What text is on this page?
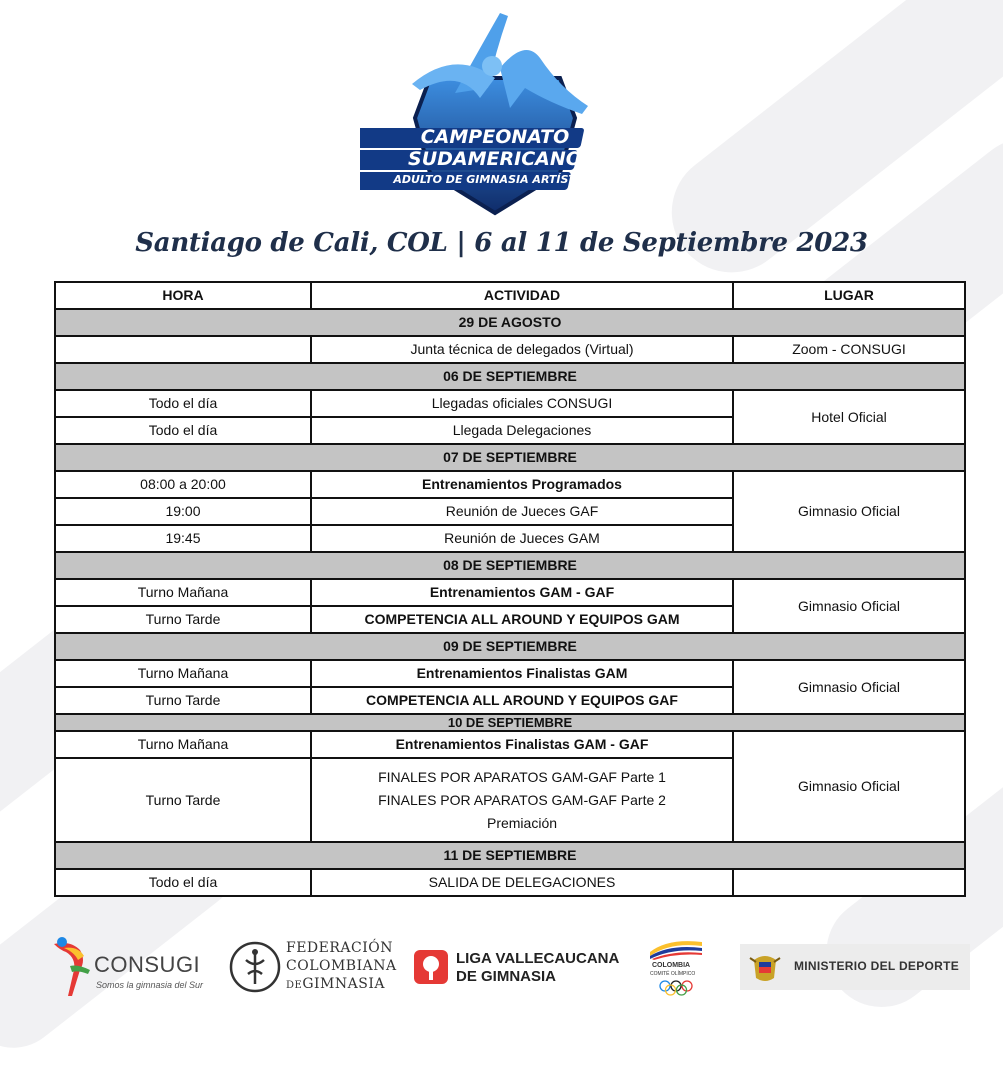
CAMPEONATO
SUDAMERICANO
ADULTO DE GIMNASIA ARTÍSTICA
Santiago de Cali, COL | 6 al 11 de Septiembre 2023
HORA	ACTIVIDAD	LUGAR
29 DE AGOSTO		
	Junta técnica de delegados (Virtual)	Zoom - CONSUGI
06 DE SEPTIEMBRE		
Todo el día	Llegadas oficiales CONSUGI	Hotel Oficial
Todo el día	Llegada Delegaciones	
07 DE SEPTIEMBRE		
08:00 a 20:00	Entrenamientos Programados	Gimnasio Oficial
19:00	Reunión de Jueces GAF	
19:45	Reunión de Jueces GAM	
08 DE SEPTIEMBRE		
Turno Mañana	Entrenamientos GAM - GAF	Gimnasio Oficial
Turno Tarde	COMPETENCIA ALL AROUND Y EQUIPOS GAM	
09 DE SEPTIEMBRE		
Turno Mañana	Entrenamientos Finalistas GAM	Gimnasio Oficial
Turno Tarde	COMPETENCIA ALL AROUND Y EQUIPOS GAF	
10 DE SEPTIEMBRE		
Turno Mañana	Entrenamientos Finalistas GAM - GAF	Gimnasio Oficial
Turno Tarde	FINALES POR APARATOS GAM-GAF Parte 1
FINALES POR APARATOS GAM-GAF Parte 2
Premiación	

11 DE SEPTIEMBRE		
Todo el día	SALIDA DE DELEGACIONES	
CONSUGI
Somos la gimnasia del Sur
FEDERACIÓN
COLOMBIANA
DEGIMNASIA
LIGA VALLECAUCANA
DE GIMNASIA
COLOMBIA
COMITÉ OLÍMPICO
MINISTERIO DEL DEPORTE
